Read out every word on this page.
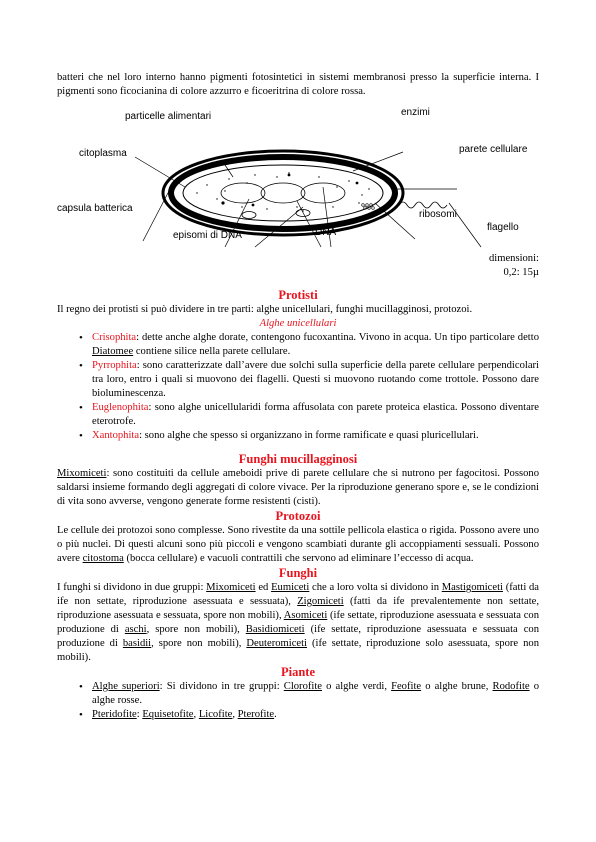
batteri che nel loro interno hanno pigmenti fotosintetici in sistemi membranosi presso la superficie interna. I pigmenti sono ficocianina di colore azzurro e ficoeritrina di colore rossa.

particelle alimentari	enzimi
citoplasma	parete cellulare
capsula batterica
ribosomi
flagello
episomi di DNA	DNA
dimensioni:
0,2: 15µ
Protisti

Il regno dei protisti si può dividere in tre parti: alghe unicellulari, funghi mucillagginosi, protozoi.

Alghe unicellulari
• Crisophita: dette anche alghe dorate, contengono fucoxantina. Vivono in acqua. Un tipo particolare detto Diatomee contiene silice nella parete cellulare.
• Pyrrophita: sono caratterizzate dall’avere due solchi sulla superficie della parete cellulare perpendicolari tra loro, entro i quali si muovono dei flagelli. Questi si muovono ruotando come trottole. Possono dare bioluminescenza.
• Euglenophita: sono alghe unicellularidi forma affusolata con parete proteica elastica. Possono diventare eterotrofe.
• Xantophita: sono alghe che spesso si organizzano in forme ramificate e quasi pluricellulari.
Funghi mucillagginosi

Mixomiceti: sono costituiti da cellule ameboidi prive di parete cellulare che si nutrono per fagocitosi. Possono saldarsi insieme formando degli aggregati di colore vivace. Per la riproduzione generano spore e, se le condizioni di vita sono avverse, vengono generate forme resistenti (cisti).

Protozoi

Le cellule dei protozoi sono complesse. Sono rivestite da una sottile pellicola elastica o rigida. Possono avere uno o più nuclei. Di questi alcuni sono più piccoli e vengono scambiati durante gli accoppiamenti sessuali. Possono avere citostoma (bocca cellulare) e vacuoli contrattili che servono ad eliminare l’eccesso di acqua.

Funghi

I funghi si dividono in due gruppi: Mixomiceti ed Eumiceti che a loro volta si dividono in Mastigomiceti (fatti da ife non settate, riproduzione asessuata e sessuata), Zigomiceti (fatti da ife prevalentemente non settate, riproduzione asessuata e sessuata, spore non mobili), Asomiceti (ife settate, riproduzione asessuata e sessuata con produzione di aschi, spore non mobili), Basidiomiceti (ife settate, riproduzione asessuata e sessuata con produzione di basidii, spore non mobili), Deuteromiceti (ife settate, riproduzione solo asessuata, spore non mobili).

Piante
• Alghe superiori: Si dividono in tre gruppi: Clorofite o alghe verdi, Feofite o alghe brune, Rodofite o alghe rosse.
• Pteridofite: Equisetofite, Licofite, Pterofite.
